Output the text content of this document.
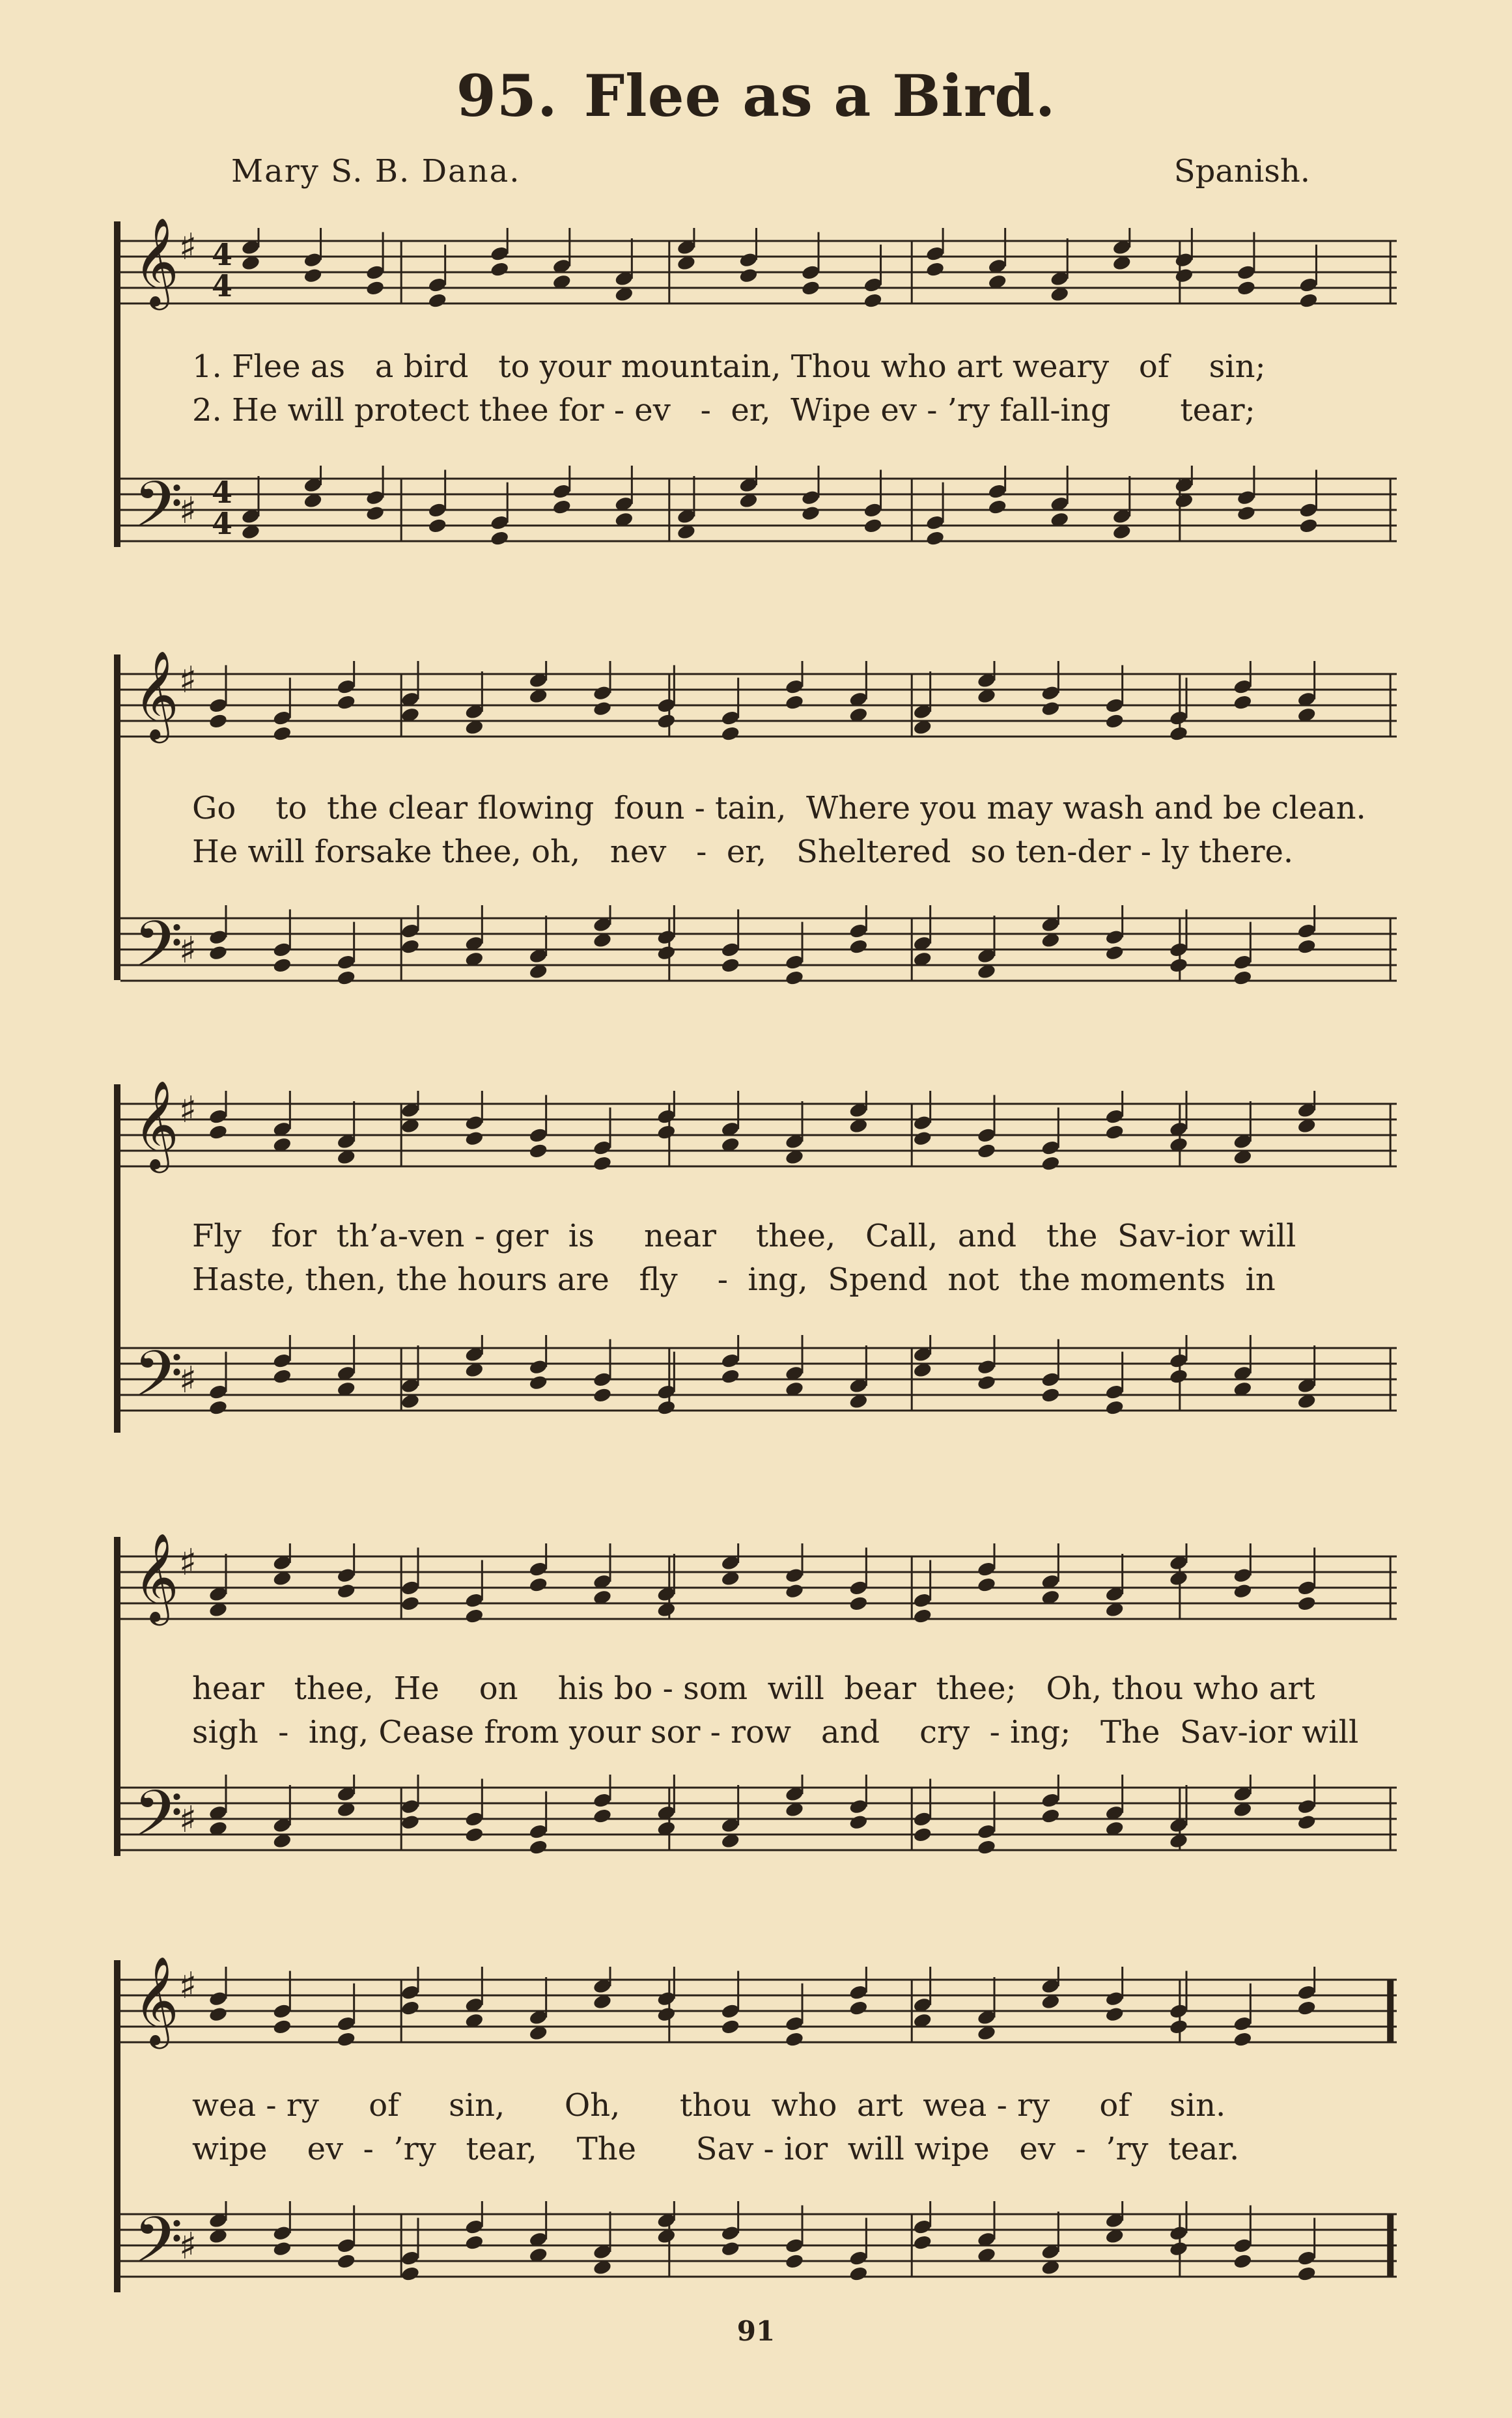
95. Flee as a Bird.
Mary S. B. Dana.	Spanish.
𝄞 ♯ 4
4
1. Flee as   a bird   to your mountain, Thou who art weary   of    sin;
2. He will protect thee for - ev   -  er,  Wipe ev - ’ry fall-ing       tear;
𝄢
♯ 4
4
𝄞 ♯
Go    to  the clear flowing  foun - tain,  Where you may wash and be clean.
He will forsake thee, oh,   nev   -  er,   Sheltered  so ten-der - ly there.
𝄢
♯
𝄞 ♯
Fly   for  th’a-ven - ger  is     near    thee,   Call,  and   the  Sav-ior will
Haste, then, the hours are   fly    -  ing,  Spend  not  the moments  in
𝄢
♯
𝄞 ♯
hear   thee,  He    on    his bo - som  will  bear  thee;   Oh, thou who art
sigh  -  ing, Cease from your sor - row   and    cry  - ing;   The  Sav-ior will
𝄢
♯
𝄞 ♯
wea - ry     of     sin,      Oh,      thou  who  art  wea - ry     of    sin.
wipe    ev  -  ’ry   tear,    The      Sav - ior  will wipe   ev  -  ’ry  tear.
𝄢
♯
91
